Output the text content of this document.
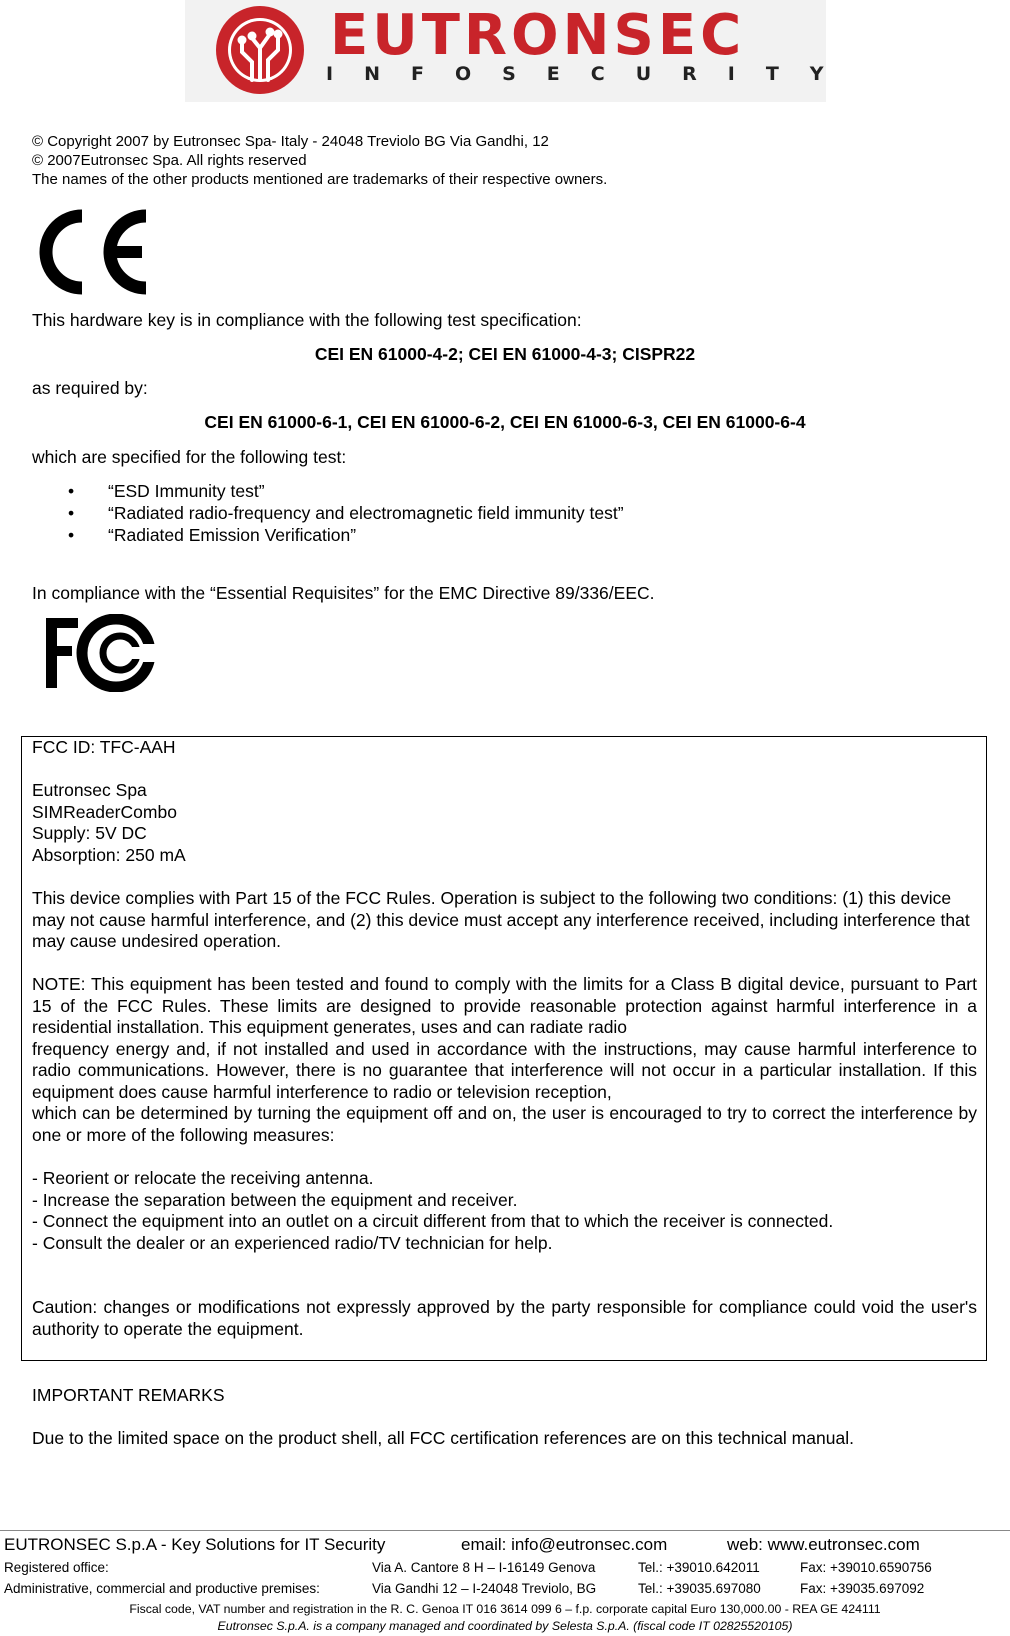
EUTRONSEC
INFOSECURITY
© Copyright 2007 by Eutronsec Spa- Italy - 24048 Treviolo BG Via Gandhi, 12
© 2007Eutronsec Spa. All rights reserved
The names of the other products mentioned are trademarks of their respective owners.
This hardware key is in compliance with the following test specification:
CEI EN 61000-4-2; CEI EN 61000-4-3; CISPR22
as required by:
CEI EN 61000-6-1, CEI EN 61000-6-2, CEI EN 61000-6-3, CEI EN 61000-6-4
which are specified for the following test:
• “ESD Immunity test”
• “Radiated radio-frequency and electromagnetic field immunity test”
• “Radiated Emission Verification”
In compliance with the “Essential Requisites” for the EMC Directive 89/336/EEC.
FCC ID: TFC-AAH
Eutronsec Spa
SIMReaderCombo
Supply: 5V DC
Absorption: 250 mA
This device complies with Part 15 of the FCC Rules. Operation is subject to the following two conditions: (1) this device may not cause harmful interference, and (2) this device must accept any interference received, including interference that may cause undesired operation.
NOTE: This equipment has been tested and found to comply with the limits for a Class B digital device, pursuant to Part 15 of the FCC Rules. These limits are designed to provide reasonable protection against harmful interference in a residential installation. This equipment generates, uses and can radiate radio
frequency energy and, if not installed and used in accordance with the instructions, may cause harmful interference to radio communications. However, there is no guarantee that interference will not occur in a particular installation. If this equipment does cause harmful interference to radio or television reception,
which can be determined by turning the equipment off and on, the user is encouraged to try to correct the interference by one or more of the following measures:
- Reorient or relocate the receiving antenna.
- Increase the separation between the equipment and receiver.
- Connect the equipment into an outlet on a circuit different from that to which the receiver is connected.
- Consult the dealer or an experienced radio/TV technician for help.
Caution: changes or modifications not expressly approved by the party responsible for compliance could void the user's authority to operate the equipment.
IMPORTANT REMARKS
Due to the limited space on the product shell, all FCC certification references are on this technical manual.
EUTRONSEC S.p.A - Key Solutions for IT Security	email: info@eutronsec.com	web: www.eutronsec.com
Registered office:	Via A. Cantore 8 H – I-16149 Genova	Tel.: +39010.642011	Fax: +39010.6590756
Administrative, commercial and productive premises:	Via Gandhi 12 – I-24048 Treviolo, BG	Tel.: +39035.697080	Fax: +39035.697092
Fiscal code, VAT number and registration in the R. C. Genoa IT 016 3614 099 6 – f.p. corporate capital Euro 130,000.00 - REA GE 424111
Eutronsec S.p.A. is a company managed and coordinated by Selesta S.p.A. (fiscal code IT 02825520105)
